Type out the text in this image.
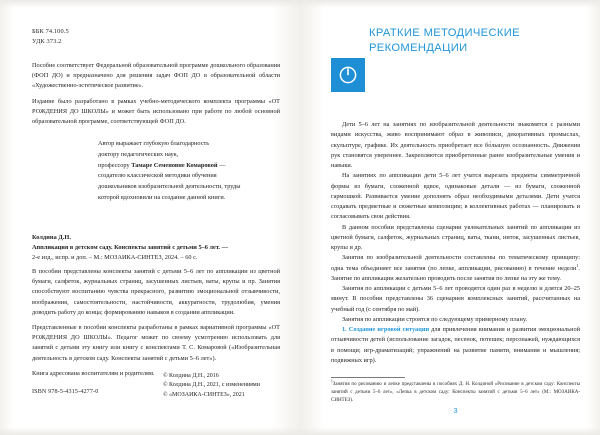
ББК 74.100.5
УДК 373.2

Пособие соответствует Федеральной образовательной программе дошкольного образования (ФОП ДО) и предназначено для решения задач ФОП ДО в образовательной области «Художественно-эстетическое развитие».

Издание было разработано в рамках учебно-методического комплекта программы «ОТ РОЖДЕНИЯ ДО ШКОЛЫ» и может быть использовано при работе по любой основной образовательной программе, соответствующей ФОП ДО.

Автор выражает глубокую благодарность
доктору педагогических наук,
профессору Тамаре Семеновне Комаровой —
создателю классической методики обучения
дошкольников изобразительной деятельности, труды
которой вдохновили на создание данной книги.
Колдина Д.Н.
Аппликация в детском саду. Конспекты занятий с детьми 5–6 лет. —
2-е изд., испр. и доп. – М.: МОЗАИКА-СИНТЕЗ, 2024. – 60 с.

В пособии представлены конспекты занятий с детьми 5–6 лет по аппликации из цветной бумаги, салфеток, журнальных страниц, засушенных листьев, ваты, крупы и пр. Занятия способствуют воспитанию чувства прекрасного, развитию эмоциональной отзывчивости, воображения, самостоятельности, настойчивости, аккуратности, трудолюбия, умения доводить работу до конца; формированию навыков в создании аппликации.

Представленные в пособии конспекты разработаны в рамках вариативной программы «ОТ РОЖДЕНИЯ ДО ШКОЛЫ». Педагог может по своему усмотрению использовать для занятий с детьми эту книгу или книгу с конспектами Т. С. Комаровой («Изобразительная деятельность в детском саду. Конспекты занятий с детьми 5–6 лет»).

Книга адресована воспитателям и родителям.

ISBN 978-5-4315-4277-0
© Колдина Д.Н., 2016
© Колдина Д.Н., 2021, с изменениями
© «МОЗАИКА-СИНТЕЗ», 2021
КРАТКИЕ МЕТОДИЧЕСКИЕ РЕКОМЕНДАЦИИ

Дети 5–6 лет на занятиях по изобразительной деятельности знакомятся с разными видами искусства, живо воспринимают образ в живописи, декоративных промыслах, скульптуре, графике. Их деятельность приобретает все бо́льшую осознанность. Движения рук становятся увереннее. Закрепляются приобретенные ранее изобразительные умения и навыки.

На занятиях по аппликации дети 5–6 лет учатся вырезать предметы симметричной формы из бумаги, сложенной вдвое, одинаковые детали — из бумаги, сложенной гармошкой. Развивается умение дополнять образ необходимыми деталями. Дети учатся создавать предметные и сюжетные композиции; в коллективных работах — планировать и согласовывать свои действия.

В данном пособии представлены сценарии увлекательных занятий по аппликации из цветной бумаги, салфеток, журнальных страниц, ваты, ткани, ниток, засушенных листьев, крупы и др.

Занятия по изобразительной деятельности составлены по тематическому принципу: одна тема объединяет все занятия (по лепке, аппликации, рисованию) в течение недели$^1$. Занятие по аппликации желательно проводить после занятия по лепке на эту же тему.

Занятия по аппликации с детьми 5–6 лет проводятся один раз в неделю и длятся 20–25 минут. В пособии представлены 36 сценариев комплексных занятий, рассчитанных на учебный год (с сентября по май).

Занятия по аппликации строятся по следующему примерному плану.

1. Создание игровой ситуации для привлечения внимания и развития эмоциональной отзывчивости детей (использование загадок, песенок, потешек; персонажей, нуждающихся в помощи; игр-драматизаций; упражнений на развитие памяти, внимания и мышления; подвижных игр).

$^1$Занятия по рисованию и лепке представлены в пособиях Д. Н. Колдиной «Рисование в детском саду: Конспекты занятий с детьми 5–6 лет», «Лепка в детском саду: Конспекты занятий с детьми 5–6 лет» (М.: МОЗАИКА-СИНТЕЗ).
3
